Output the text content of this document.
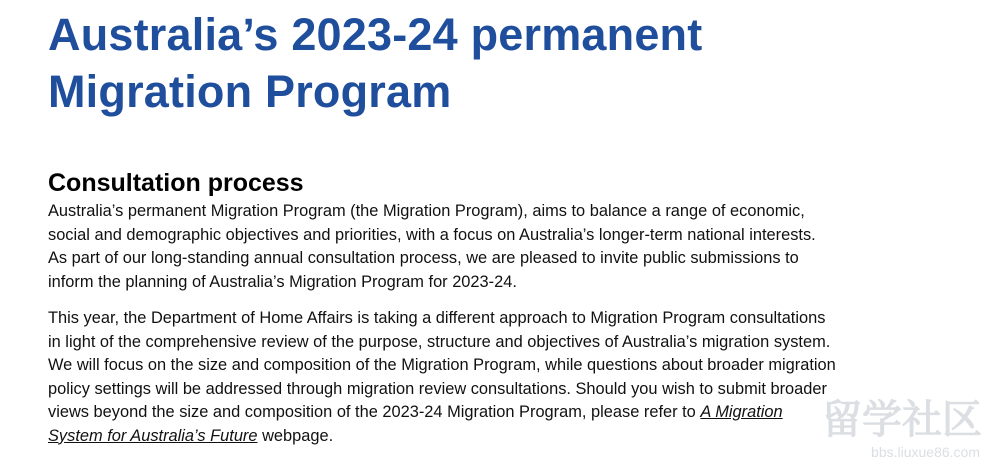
Australia’s 2023-24 permanent
Migration Program
Consultation process

Australia’s permanent Migration Program (the Migration Program), aims to balance a range of economic,
social and demographic objectives and priorities, with a focus on Australia’s longer-term national interests.
As part of our long-standing annual consultation process, we are pleased to invite public submissions to
inform the planning of Australia’s Migration Program for 2023-24.

This year, the Department of Home Affairs is taking a different approach to Migration Program consultations
in light of the comprehensive review of the purpose, structure and objectives of Australia’s migration system.
We will focus on the size and composition of the Migration Program, while questions about broader migration
policy settings will be addressed through migration review consultations. Should you wish to submit broader
views beyond the size and composition of the 2023-24 Migration Program, please refer to A Migration
System for Australia’s Future webpage.	留学社区
bbs.liuxue86.com
